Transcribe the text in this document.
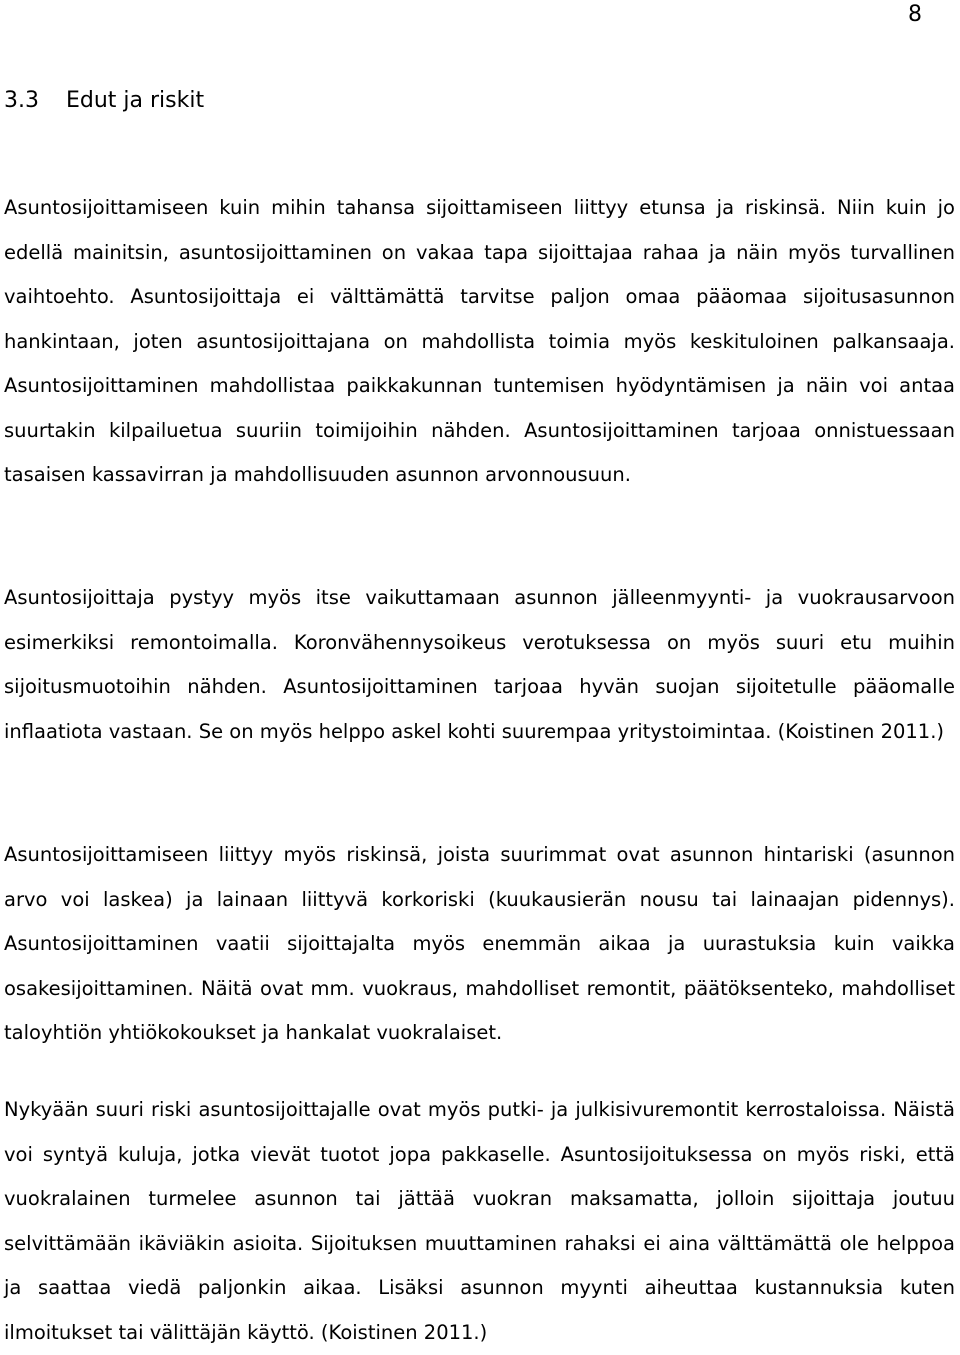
8
3.3 Edut ja riskit

Asuntosijoittamiseen kuin mihin tahansa sijoittamiseen liittyy etunsa ja riskinsä. Niin kuin jo edellä mainitsin, asuntosijoittaminen on vakaa tapa sijoittajaa rahaa ja näin myös turvallinen vaihtoehto. Asuntosijoittaja ei välttämättä tarvitse paljon omaa pääomaa sijoitusasunnon hankintaan, joten asuntosijoittajana on mahdollista toimia myös keskituloinen palkansaaja. Asuntosijoittaminen mahdollistaa paikkakunnan tuntemisen hyödyntämisen ja näin voi antaa suurtakin kilpailuetua suuriin toimijoihin nähden. Asuntosijoittaminen tarjoaa onnistuessaan tasaisen kassavirran ja mahdollisuuden asunnon arvonnousuun.

Asuntosijoittaja pystyy myös itse vaikuttamaan asunnon jälleenmyynti- ja vuokrausarvoon esimerkiksi remontoimalla. Koronvähennysoikeus verotuksessa on myös suuri etu muihin sijoitusmuotoihin nähden. Asuntosijoittaminen tarjoaa hyvän suojan sijoitetulle pääomalle inflaatiota vastaan. Se on myös helppo askel kohti suurempaa yritystoimintaa. (Koistinen 2011.)

Asuntosijoittamiseen liittyy myös riskinsä, joista suurimmat ovat asunnon hintariski (asunnon arvo voi laskea) ja lainaan liittyvä korkoriski (kuukausierän nousu tai lainaajan pidennys). Asuntosijoittaminen vaatii sijoittajalta myös enemmän aikaa ja uurastuksia kuin vaikka osakesijoittaminen. Näitä ovat mm. vuokraus, mahdolliset remontit, päätöksenteko, mahdolliset taloyhtiön yhtiökokoukset ja hankalat vuokralaiset.

Nykyään suuri riski asuntosijoittajalle ovat myös putki- ja julkisivuremontit kerrostaloissa. Näistä voi syntyä kuluja, jotka vievät tuotot jopa pakkaselle. Asuntosijoituksessa on myös riski, että vuokralainen turmelee asunnon tai jättää vuokran maksamatta, jolloin sijoittaja joutuu selvittämään ikäviäkin asioita. Sijoituksen muuttaminen rahaksi ei aina välttämättä ole helppoa ja saattaa viedä paljonkin aikaa. Lisäksi asunnon myynti aiheuttaa kustannuksia kuten ilmoitukset tai välittäjän käyttö. (Koistinen 2011.)
